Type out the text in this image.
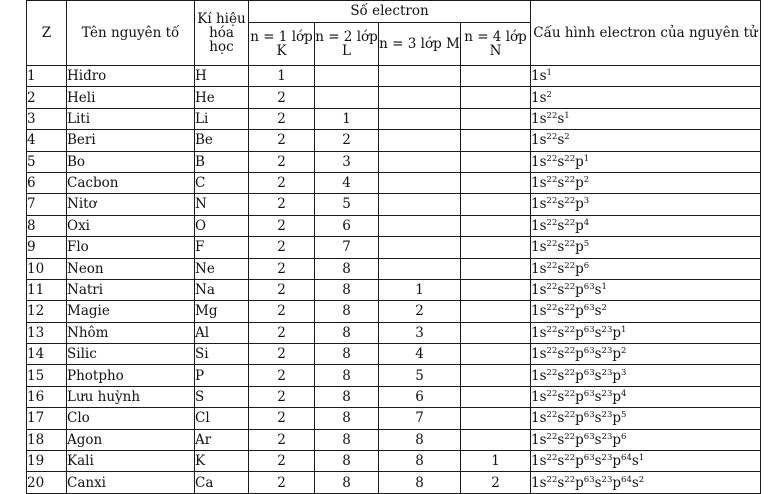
Z	Tên nguyên tố	Kí hiệu hóa học	Số electron				Cấu hình electron của nguyên tử
			n = 1 lớp K	n = 2 lớp L	n = 3 lớp M	n = 4 lớp N	
1	Hiđro	H	1				$1s^1$
2	Heli	He	2				$1s^2$
3	Liti	Li	2	1			$1s^{22}s^1$
4	Beri	Be	2	2			$1s^{22}s^2$
5	Bo	B	2	3			$1s^{22}s^{22}p^1$
6	Cacbon	C	2	4			$1s^{22}s^{22}p^2$
7	Nitơ	N	2	5			$1s^{22}s^{22}p^3$
8	Oxi	O	2	6			$1s^{22}s^{22}p^4$
9	Flo	F	2	7			$1s^{22}s^{22}p^5$
10	Neon	Ne	2	8			$1s^{22}s^{22}p^6$
11	Natri	Na	2	8	1		$1s^{22}s^{22}p^{63}s^1$
12	Magie	Mg	2	8	2		$1s^{22}s^{22}p^{63}s^2$
13	Nhôm	Al	2	8	3		$1s^{22}s^{22}p^{63}s^{23}p^1$
14	Silic	Si	2	8	4		$1s^{22}s^{22}p^{63}s^{23}p^2$
15	Photpho	P	2	8	5		$1s^{22}s^{22}p^{63}s^{23}p^3$
16	Lưu huỳnh	S	2	8	6		$1s^{22}s^{22}p^{63}s^{23}p^4$
17	Clo	Cl	2	8	7		$1s^{22}s^{22}p^{63}s^{23}p^5$
18	Agon	Ar	2	8	8		$1s^{22}s^{22}p^{63}s^{23}p^6$
19	Kali	K	2	8	8	1	$1s^{22}s^{22}p^{63}s^{23}p^{64}s^1$
20	Canxi	Ca	2	8	8	2	$1s^{22}s^{22}p^{63}s^{23}p^{64}s^2$
